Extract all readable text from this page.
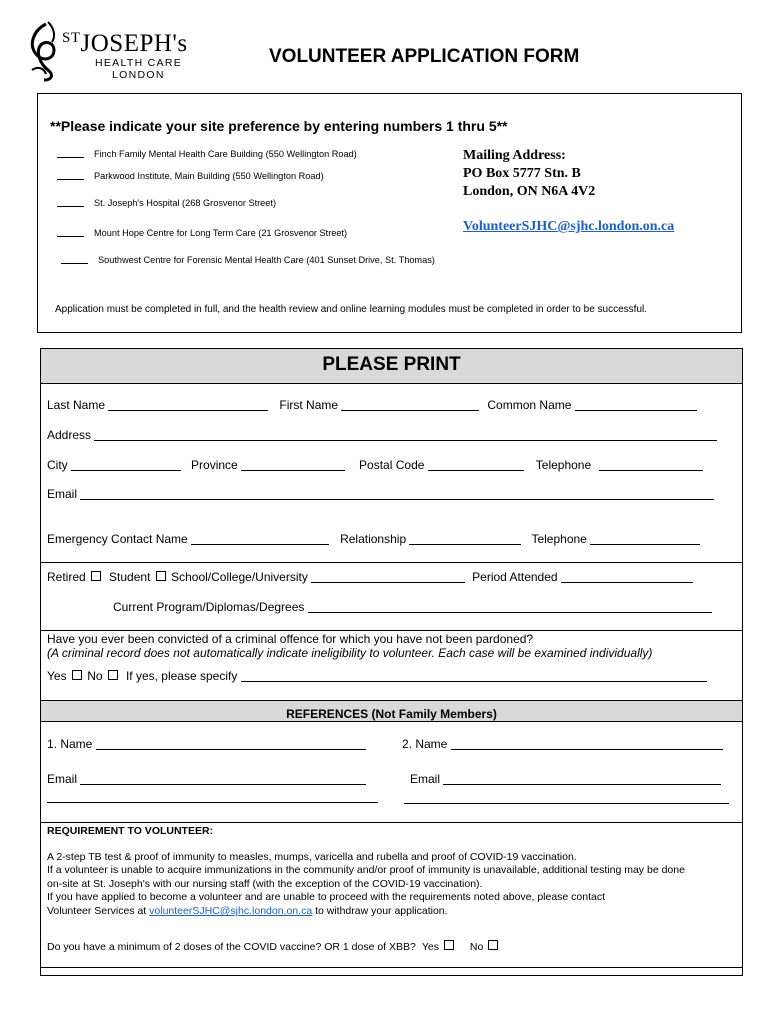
$^{ST}$JOSEPH's
HEALTH CARE
LONDON
VOLUNTEER APPLICATION FORM
**Please indicate your site preference by entering numbers 1 thru 5**
Finch Family Mental Health Care Building (550 Wellington Road)
Parkwood Institute, Main Building (550 Wellington Road)
St. Joseph's Hospital (268 Grosvenor Street)
Mount Hope Centre for Long Term Care (21 Grosvenor Street)
Southwest Centre for Forensic Mental Health Care (401 Sunset Drive, St. Thomas)
Mailing Address:
PO Box 5777 Stn. B
London, ON N6A 4V2
VolunteerSJHC@sjhc.london.on.ca
Application must be completed in full, and the health review and online learning modules must be completed in order to be successful.
PLEASE PRINT
Last Name	First Name	Common Name
Address
City	Province	Postal Code	Telephone
Email
Emergency Contact Name	Relationship	Telephone
Retired Student School/College/University	Period Attended
Current Program/Diplomas/Degrees
Have you ever been convicted of a criminal offence for which you have not been pardoned?
(A criminal record does not automatically indicate ineligibility to volunteer. Each case will be examined individually)
Yes No If yes, please specify
REFERENCES (Not Family Members)
1. Name	2. Name
Email	Email
REQUIREMENT TO VOLUNTEER:
A 2-step TB test & proof of immunity to measles, mumps, varicella and rubella and proof of COVID-19 vaccination.
If a volunteer is unable to acquire immunizations in the community and/or proof of immunity is unavailable, additional testing may be done
on-site at St. Joseph's with our nursing staff (with the exception of the COVID-19 vaccination).
If you have applied to become a volunteer and are unable to proceed with the requirements noted above, please contact
Volunteer Services at volunteerSJHC@sjhc.london.on.ca to withdraw your application.
Do you have a minimum of 2 doses of the COVID vaccine? OR 1 dose of XBB? Yes	No
